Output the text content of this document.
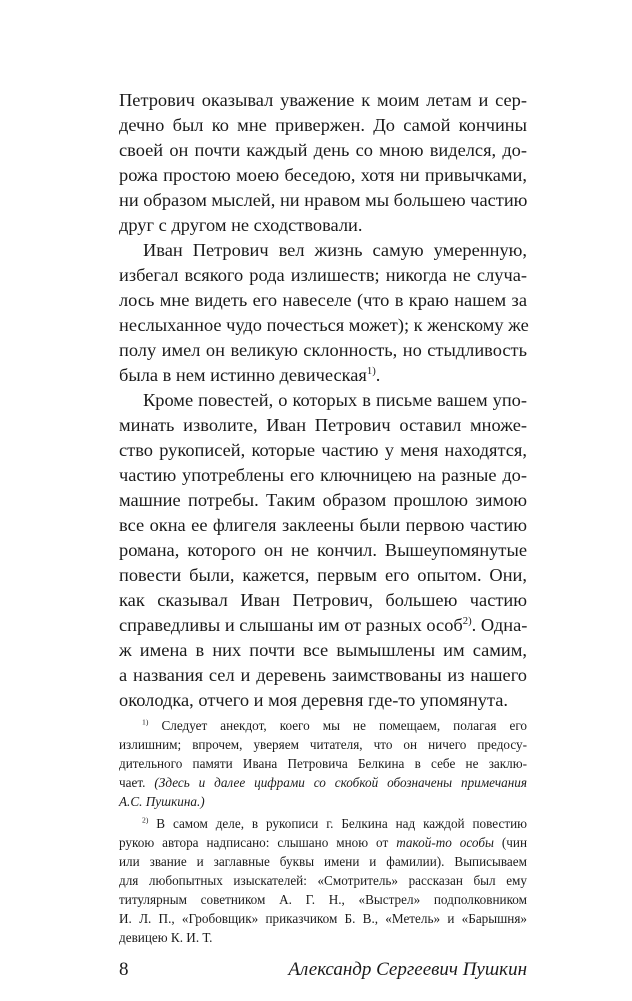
Петрович оказывал уважение к моим летам и сер-
дечно был ко мне привержен. До самой кончины
своей он почти каждый день со мною виделся, до-
рожа простою моею беседою, хотя ни привычками,
ни образом мыслей, ни нравом мы большею частию
друг с другом не сходствовали.
Иван Петрович вел жизнь самую умеренную,
избегал всякого рода излишеств; никогда не случа-
лось мне видеть его навеселе (что в краю нашем за
неслыханное чудо почесться может); к женскому же
полу имел он великую склонность, но стыдливость
была в нем истинно девическая$^{1)}$.
Кроме повестей, о которых в письме вашем упо-
минать изволите, Иван Петрович оставил множе-
ство рукописей, которые частию у меня находятся,
частию употреблены его ключницею на разные до-
машние потребы. Таким образом прошлою зимою
все окна ее флигеля заклеены были первою частию
романа, которого он не кончил. Вышеупомянутые
повести были, кажется, первым его опытом. Они,
как сказывал Иван Петрович, большею частию
справедливы и слышаны им от разных особ$^{2)}$. Одна-
ж имена в них почти все вымышлены им самим,
а названия сел и деревень заимствованы из нашего
околодка, отчего и моя деревня где-то упомянута.
$^{1)}$ Следует анекдот, коего мы не помещаем, полагая его
излишним; впрочем, уверяем читателя, что он ничего предосу-
дительного памяти Ивана Петровича Белкина в себе не заклю-
чает. (Здесь и далее цифрами со скобкой обозначены примечания
А.С. Пушкина.)
$^{2)}$ В самом деле, в рукописи г. Белкина над каждой повестию
рукою автора надписано: слышано мною от такой-то особы (чин
или звание и заглавные буквы имени и фамилии). Выписываем
для любопытных изыскателей: «Смотритель» рассказан был ему
титулярным советником А. Г. Н., «Выстрел» подполковником
И. Л. П., «Гробовщик» приказчиком Б. В., «Метель» и «Барышня»
девицею К. И. Т.
8	Александр Сергеевич Пушкин
